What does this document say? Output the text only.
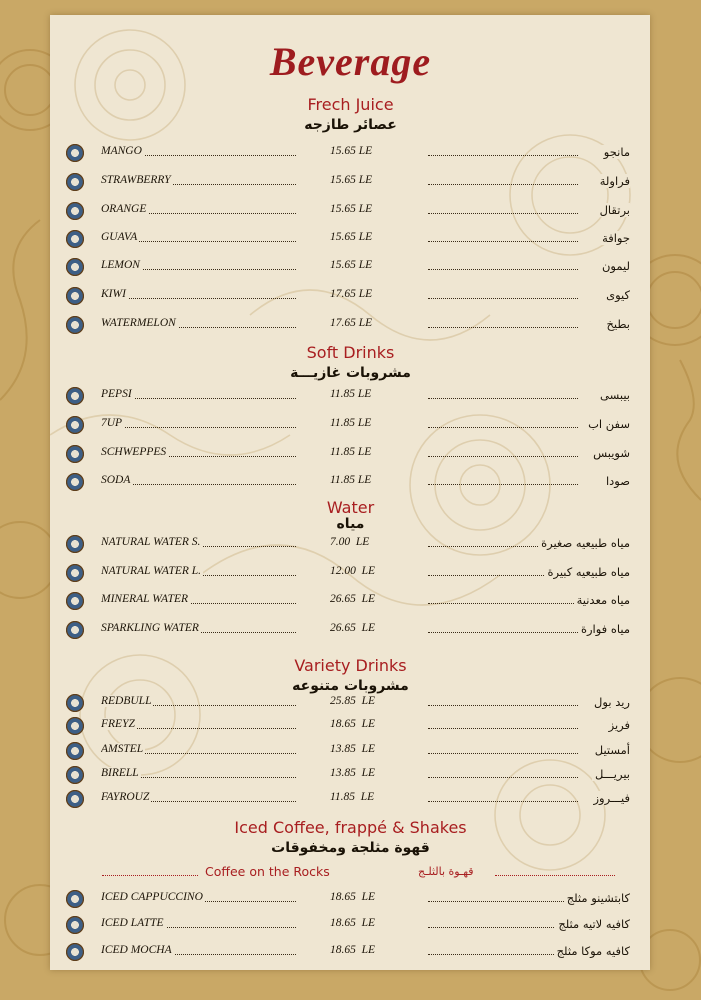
Beverage
Frech Juice
عصائر طازجه
MANGO	15.65 LE	مانجو
STRAWBERRY	15.65 LE	فراولة
ORANGE	15.65 LE	برتقال
GUAVA	15.65 LE	جوافة
LEMON	15.65 LE	ليمون
KIWI	17.65 LE	كيوى
WATERMELON	17.65 LE	بطيخ
Soft Drinks
مشروبات غازيـــة
PEPSI	11.85 LE	بيبسى
7UP	11.85 LE	سفن اب
SCHWEPPES	11.85 LE	شويبس
SODA	11.85 LE	صودا
Water
مياه
NATURAL WATER S.	7.00  LE	مياه طبيعيه صغيرة
NATURAL WATER L.	12.00  LE	مياه طبيعيه كبيرة
MINERAL WATER	26.65  LE	مياه معدنية
SPARKLING WATER	26.65  LE	مياه فوارة
Variety Drinks
مشروبات متنوعه
REDBULL	25.85  LE	ريد بول
FREYZ	18.65  LE	فريز
AMSTEL	13.85  LE	أمستيل
BIRELL	13.85  LE	بيريـــل
FAYROUZ	11.85  LE	فيـــروز
Iced Coffee, frappé & Shakes
قهوة مثلجة ومخفوقات
Coffee on the Rocks	قهـوة بالثلـج
ICED CAPPUCCINO	18.65  LE	كابتشينو مثلج
ICED LATTE	18.65  LE	كافيه لاتيه مثلج
ICED MOCHA	18.65  LE	كافيه موكا مثلج
